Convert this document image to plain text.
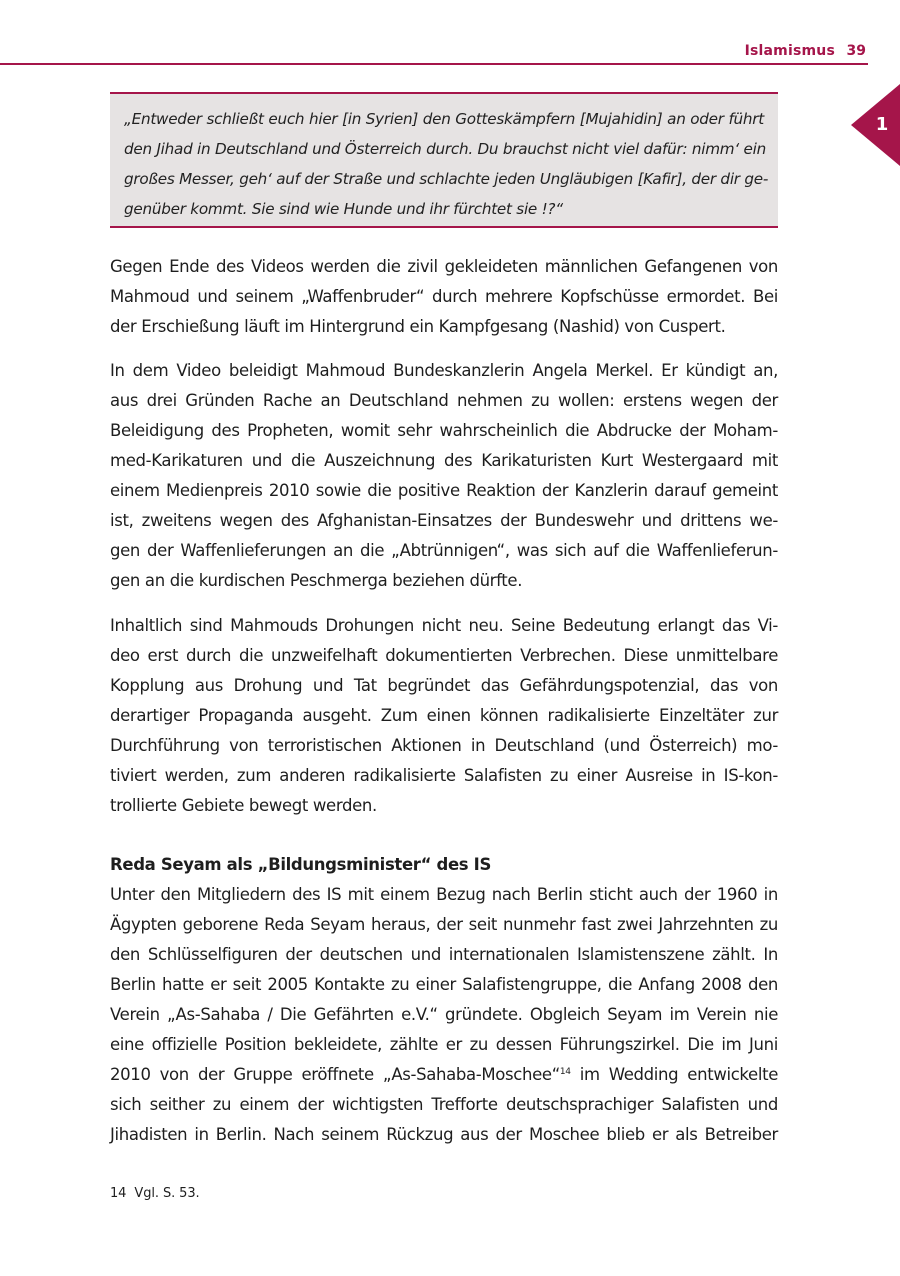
Islamismus 39
1

„Entweder schließt euch hier [in Syrien] den Gotteskämpfern [Mujahidin] an oder führt
den Jihad in Deutschland und Österreich durch. Du brauchst nicht viel dafür: nimm‘ ein
großes Messer, geh‘ auf der Straße und schlachte jeden Ungläubigen [Kafir], der dir ge-
genüber kommt. Sie sind wie Hunde und ihr fürchtet sie !?“

Gegen Ende des Videos werden die zivil gekleideten männlichen Gefangenen von
Mahmoud und seinem „Waffenbruder“ durch mehrere Kopfschüsse ermordet. Bei
der Erschießung läuft im Hintergrund ein Kampfgesang (Nashid) von Cuspert.

In dem Video beleidigt Mahmoud Bundeskanzlerin Angela Merkel. Er kündigt an,
aus drei Gründen Rache an Deutschland nehmen zu wollen: erstens wegen der
Beleidigung des Propheten, womit sehr wahrscheinlich die Abdrucke der Moham-
med-Karikaturen und die Auszeichnung des Karikaturisten Kurt Westergaard mit
einem Medienpreis 2010 sowie die positive Reaktion der Kanzlerin darauf gemeint
ist, zweitens wegen des Afghanistan-Einsatzes der Bundeswehr und drittens we-
gen der Waffenlieferungen an die „Abtrünnigen“, was sich auf die Waffenlieferun-
gen an die kurdischen Peschmerga beziehen dürfte.

Inhaltlich sind Mahmouds Drohungen nicht neu. Seine Bedeutung erlangt das Vi-
deo erst durch die unzweifelhaft dokumentierten Verbrechen. Diese unmittelbare
Kopplung aus Drohung und Tat begründet das Gefährdungspotenzial, das von
derartiger Propaganda ausgeht. Zum einen können radikalisierte Einzeltäter zur
Durchführung von terroristischen Aktionen in Deutschland (und Österreich) mo-
tiviert werden, zum anderen radikalisierte Salafisten zu einer Ausreise in IS-kon-
trollierte Gebiete bewegt werden.

Reda Seyam als „Bildungsminister“ des IS

Unter den Mitgliedern des IS mit einem Bezug nach Berlin sticht auch der 1960 in
Ägypten geborene Reda Seyam heraus, der seit nunmehr fast zwei Jahrzehnten zu
den Schlüsselfiguren der deutschen und internationalen Islamistenszene zählt. In
Berlin hatte er seit 2005 Kontakte zu einer Salafistengruppe, die Anfang 2008 den
Verein „As-Sahaba / Die Gefährten e.V.“ gründete. Obgleich Seyam im Verein nie
eine offizielle Position bekleidete, zählte er zu dessen Führungszirkel. Die im Juni
2010 von der Gruppe eröffnete „As-Sahaba-Moschee“$^{14}$ im Wedding entwickelte
sich seither zu einem der wichtigsten Trefforte deutschsprachiger Salafisten und
Jihadisten in Berlin. Nach seinem Rückzug aus der Moschee blieb er als Betreiber

14 Vgl. S. 53.
